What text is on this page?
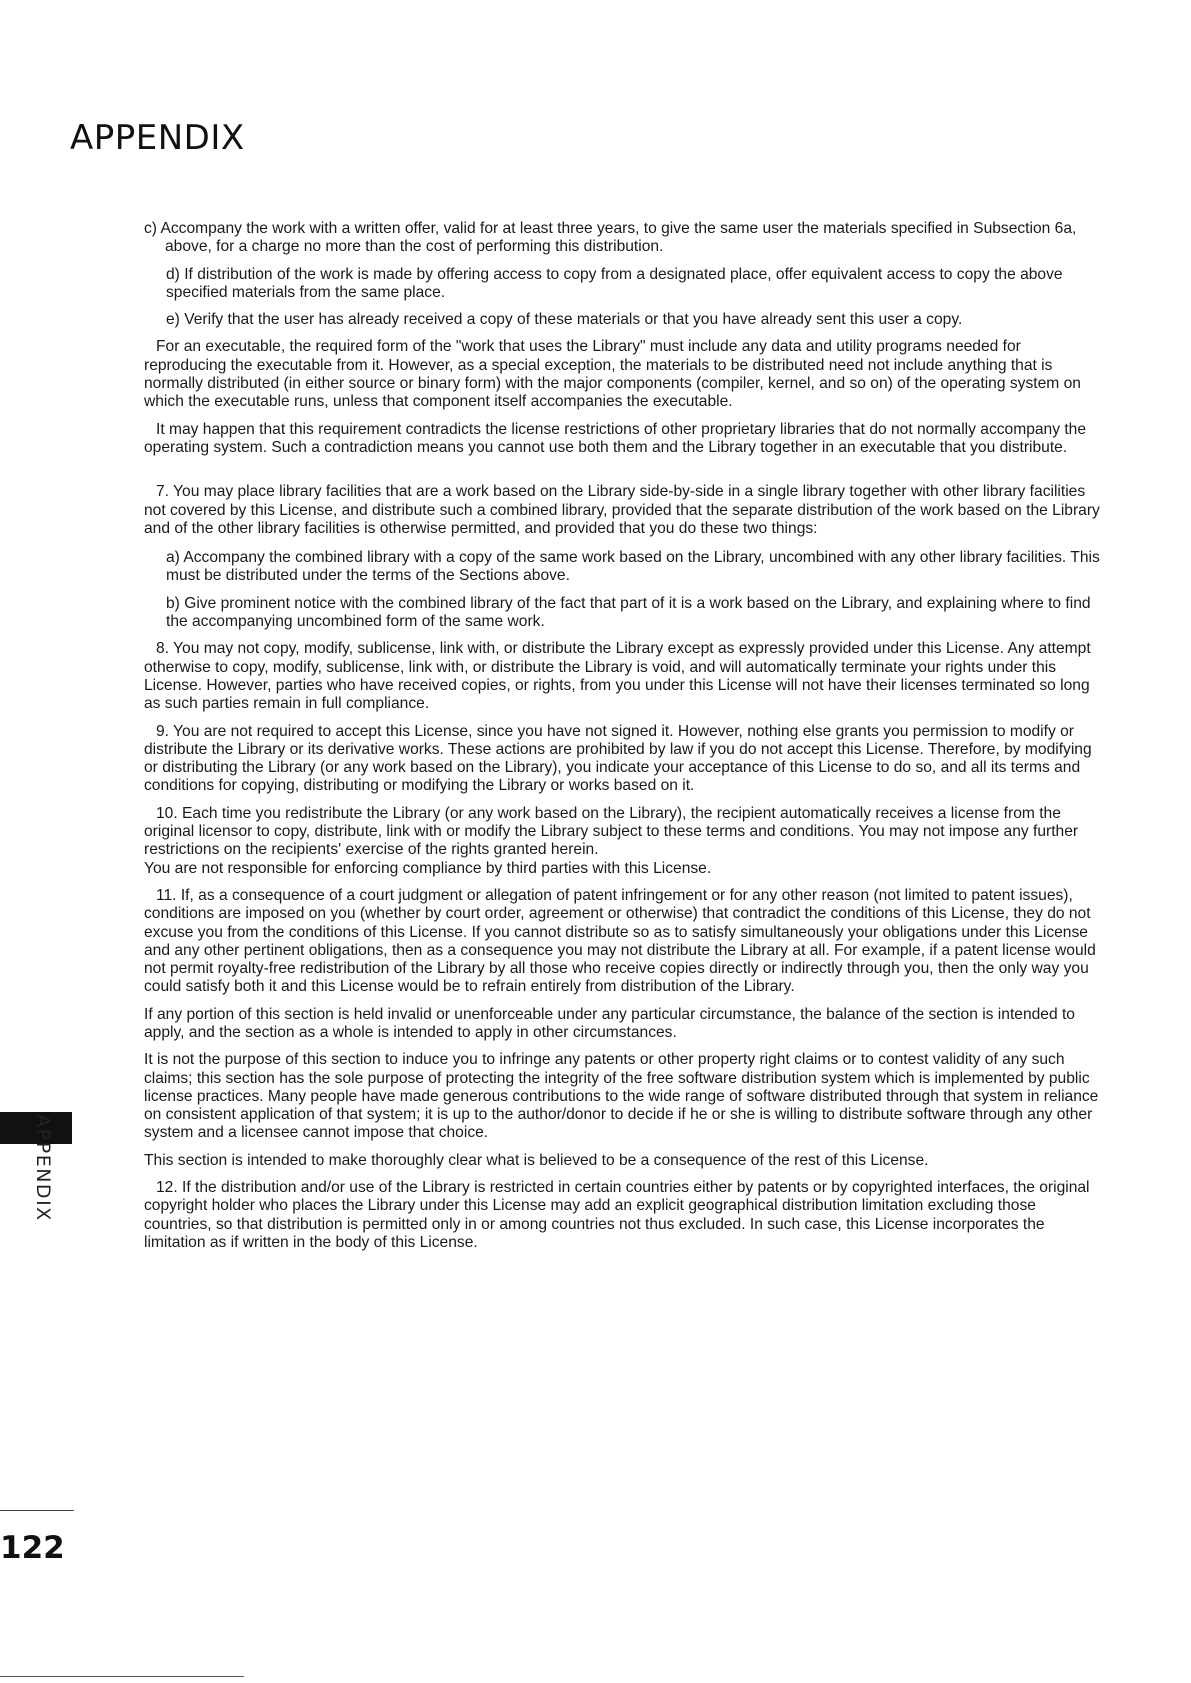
APPENDIX

c) Accompany the work with a written offer, valid for at least three years, to give the same user the materials specified in Subsection 6a, above, for a charge no more than the cost of performing this distribution.

d) If distribution of the work is made by offering access to copy from a designated place, offer equivalent access to copy the above specified materials from the same place.

e) Verify that the user has already received a copy of these materials or that you have already sent this user a copy.

For an executable, the required form of the "work that uses the Library" must include any data and utility programs needed for reproducing the executable from it. However, as a special exception, the materials to be distributed need not include anything that is normally distributed (in either source or binary form) with the major components (compiler, kernel, and so on) of the operating system on which the executable runs, unless that component itself accompanies the executable.

It may happen that this requirement contradicts the license restrictions of other proprietary libraries that do not normally accompany the operating system. Such a contradiction means you cannot use both them and the Library together in an executable that you distribute.

7. You may place library facilities that are a work based on the Library side-by-side in a single library together with other library facilities not covered by this License, and distribute such a combined library, provided that the separate distribution of the work based on the Library and of the other library facilities is otherwise permitted, and provided that you do these two things:

a) Accompany the combined library with a copy of the same work based on the Library, uncombined with any other library facilities. This must be distributed under the terms of the Sections above.

b) Give prominent notice with the combined library of the fact that part of it is a work based on the Library, and explaining where to find the accompanying uncombined form of the same work.

8. You may not copy, modify, sublicense, link with, or distribute the Library except as expressly provided under this License. Any attempt otherwise to copy, modify, sublicense, link with, or distribute the Library is void, and will automatically terminate your rights under this License. However, parties who have received copies, or rights, from you under this License will not have their licenses terminated so long as such parties remain in full compliance.

9. You are not required to accept this License, since you have not signed it. However, nothing else grants you permission to modify or distribute the Library or its derivative works. These actions are prohibited by law if you do not accept this License. Therefore, by modifying or distributing the Library (or any work based on the Library), you indicate your acceptance of this License to do so, and all its terms and conditions for copying, distributing or modifying the Library or works based on it.

10. Each time you redistribute the Library (or any work based on the Library), the recipient automatically receives a license from the original licensor to copy, distribute, link with or modify the Library subject to these terms and conditions. You may not impose any further restrictions on the recipients' exercise of the rights granted herein.

You are not responsible for enforcing compliance by third parties with this License.

11. If, as a consequence of a court judgment or allegation of patent infringement or for any other reason (not limited to patent issues), conditions are imposed on you (whether by court order, agreement or otherwise) that contradict the conditions of this License, they do not excuse you from the conditions of this License. If you cannot distribute so as to satisfy simultaneously your obligations under this License and any other pertinent obligations, then as a consequence you may not distribute the Library at all. For example, if a patent license would not permit royalty-free redistribution of the Library by all those who receive copies directly or indirectly through you, then the only way you could satisfy both it and this License would be to refrain entirely from distribution of the Library.

If any portion of this section is held invalid or unenforceable under any particular circumstance, the balance of the section is intended to apply, and the section as a whole is intended to apply in other circumstances.

It is not the purpose of this section to induce you to infringe any patents or other property right claims or to contest validity of any such claims; this section has the sole purpose of protecting the integrity of the free software distribution system which is implemented by public license practices. Many people have made generous contributions to the wide range of software distributed through that system in reliance on consistent application of that system; it is up to the author/donor to decide if he or she is willing to distribute software through any other system and a licensee cannot impose that choice.

This section is intended to make thoroughly clear what is believed to be a consequence of the rest of this License.

12. If the distribution and/or use of the Library is restricted in certain countries either by patents or by copyrighted interfaces, the original copyright holder who places the Library under this License may add an explicit geographical distribution limitation excluding those countries, so that distribution is permitted only in or among countries not thus excluded. In such case, this License incorporates the limitation as if written in the body of this License.

APPENDIX

122
